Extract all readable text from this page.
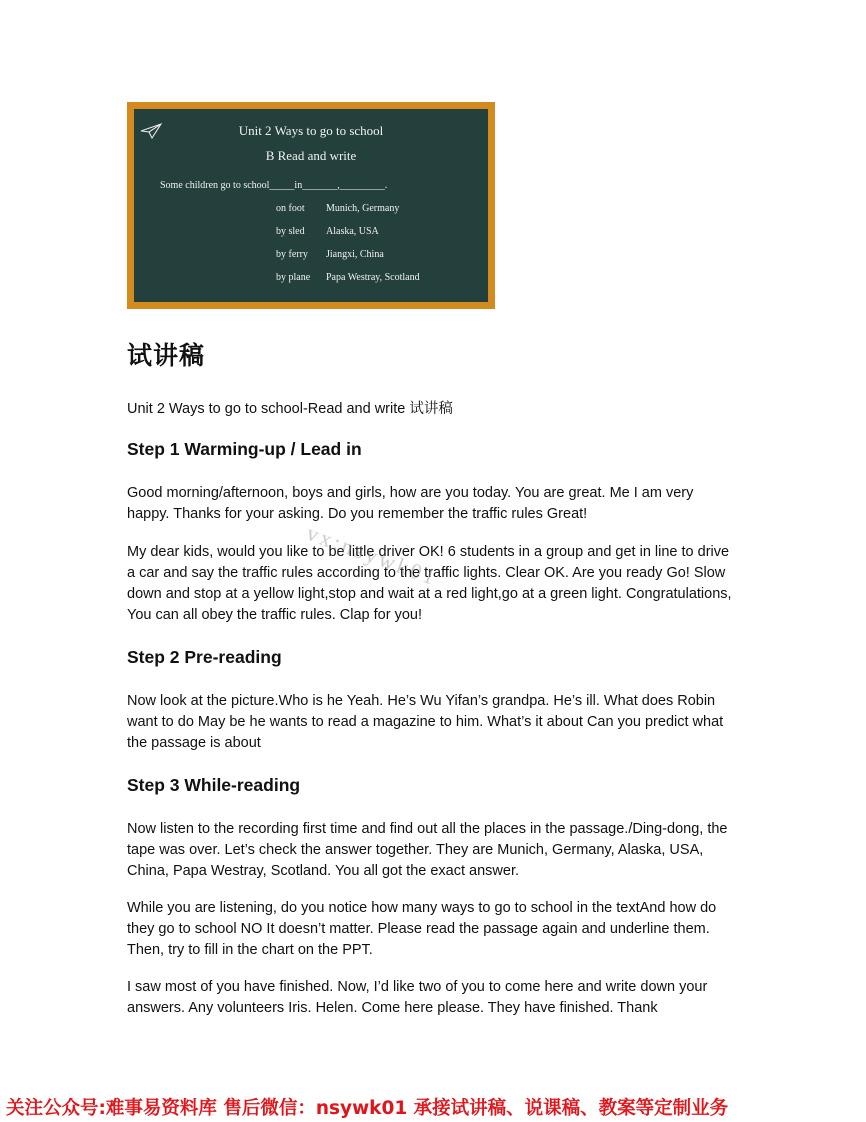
Unit 2 Ways to go to school
B Read and write
Some children go to school_____in_______,_________.
on foot Munich, Germany
by sled Alaska, USA
by ferry Jiangxi, China
by plane Papa Westray, Scotland
试讲稿

Unit 2 Ways to go to school-Read and write 试讲稿

Step 1 Warming-up / Lead in

Good morning/afternoon, boys and girls, how are you today. You are great. Me I am very happy. Thanks for your asking. Do you remember the traffic rules Great!

My dear kids, would you like to be little driver OK! 6 students in a group and get in line to drive a car and say the traffic rules according to the traffic lights. Clear OK. Are you ready Go! Slow down and stop at a yellow light,stop and wait at a red light,go at a green light. Congratulations, You can all obey the traffic rules. Clap for you!

Step 2 Pre-reading

Now look at the picture.Who is he Yeah. He’s Wu Yifan’s grandpa. He’s ill. What does Robin want to do May be he wants to read a magazine to him. What’s it about Can you predict what the passage is about

Step 3 While-reading

Now listen to the recording first time and find out all the places in the passage./Ding-dong, the tape was over. Let’s check the answer together. They are Munich, Germany, Alaska, USA, China, Papa Westray, Scotland. You all got the exact answer.

While you are listening, do you notice how many ways to go to school in the textAnd how do they go to school NO It doesn’t matter. Please read the passage again and underline them. Then, try to fill in the chart on the PPT.

I saw most of you have finished. Now, I’d like two of you to come here and write down your answers. Any volunteers Iris. Helen. Come here please. They have finished. Thank

vx:nsywk01
关注公众号:难事易资料库 售后微信：nsywk01 承接试讲稿、说课稿、教案等定制业务
